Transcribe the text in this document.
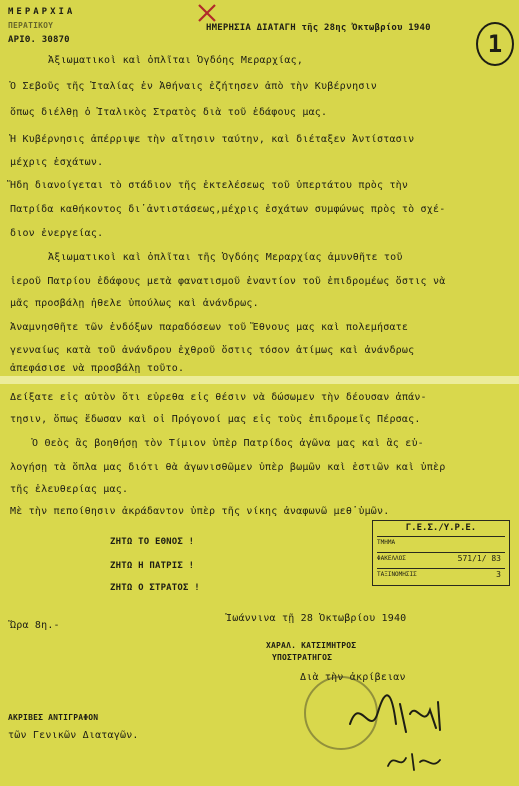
ΜΕΡΑΡΧΙΑ
ΠΕΡΑΤΙΚΟΥ
ΑΡΙΘ. 30870
ΗΜΕΡΗΣΙΑ ΔΙΑΤΑΓΗ τῆς 28ης Ὀκτωβρίου 1940
1
Ἀξιωματικοὶ καὶ ὁπλῖται Ὀγδόης Μεραρχίας,
Ὁ Σεβοῦς τῆς Ἰταλίας ἐν Ἀθήναις ἐζήτησεν ἀπὸ τὴν Κυβέρνησιν
ὅπως διέλθῃ ὁ Ἰταλικὸς Στρατὸς διὰ τοῦ ἐδάφους μας.
Ἡ Κυβέρνησις ἀπέρριψε τὴν αἴτησιν ταύτην, καὶ διέταξεν Ἀντίστασιν
μέχρις ἐσχάτων.
Ἤδη διανοίγεται τὸ στάδιον τῆς ἐκτελέσεως τοῦ ὑπερτάτου πρὸς τὴν
Πατρίδα καθήκοντος δι᾽ἀντιστάσεως,μέχρις ἐσχάτων συμφώνως πρὸς τὸ σχέ-
διον ἐνεργείας.
Ἀξιωματικοὶ καὶ ὁπλῖται τῆς Ὀγδόης Μεραρχίας ἀμυνθῆτε τοῦ
ἱεροῦ Πατρίου ἐδάφους μετὰ φανατισμοῦ ἐναντίον τοῦ ἐπιδρομέως ὅστις νὰ
μᾶς προσβάλῃ ἠθελε ὑπούλως καὶ ἀνάνδρως.
Ἀναμνησθῆτε τῶν ἐνδόξων παραδόσεων τοῦ Ἔθνους μας καὶ πολεμήσατε
γενναίως κατὰ τοῦ ἀνάνδρου ἐχθροῦ ὅστις τόσον ἀτίμως καὶ ἀνάνδρως
ἀπεφάσισε νὰ προσβάλῃ τοῦτο.
Δείξατε εἰς αὐτὸν ὅτι εὑρεθα εἰς θέσιν νὰ δώσωμεν τὴν δέουσαν ἀπάν-
τησιν, ὅπως ἔδωσαν καὶ οἱ Πρόγονοί μας εἰς τοὺς ἐπιδρομεῖς Πέρσας.
Ὁ Θεὸς ἂς βοηθήσῃ τὸν Τίμιον ὑπὲρ Πατρίδος ἀγῶνα μας καὶ ἂς εὐ-
λογήσῃ τὰ ὅπλα μας διότι θὰ ἀγωνισθῶμεν ὑπὲρ βωμῶν καὶ ἑστιῶν καὶ ὑπὲρ
τῆς ἐλευθερίας μας.
Μὲ τὴν πεποίθησιν ἀκράδαντον ὑπὲρ τῆς νίκης ἀναφωνῶ μεθ᾽ὑμῶν.
ΖΗΤΩ ΤΟ ΕΘΝΟΣ !
ΖΗΤΩ Η ΠΑΤΡΙΣ !
ΖΗΤΩ Ο ΣΤΡΑΤΟΣ !
Γ.Ε.Σ./Υ.Ρ.Ε.
ΤΜΗΜΑ
ΦΑΚΕΛΛΟΣ	571/1/ 83
ΤΑΞΙΝΟΜΗΣΙΣ	3
Ὥρα 8η.-
Ἰωάννινα τῇ 28 Ὀκτωβρίου 1940
ΧΑΡΑΛ. ΚΑΤΣΙΜΗΤΡΟΣ
ΥΠΟΣΤΡΑΤΗΓΟΣ
Διὰ τὴν ἀκρίβειαν
ΑΚΡΙΒΕΣ ΑΝΤΙΓΡΑΦΟΝ
τῶν Γενικῶν Διαταγῶν.
